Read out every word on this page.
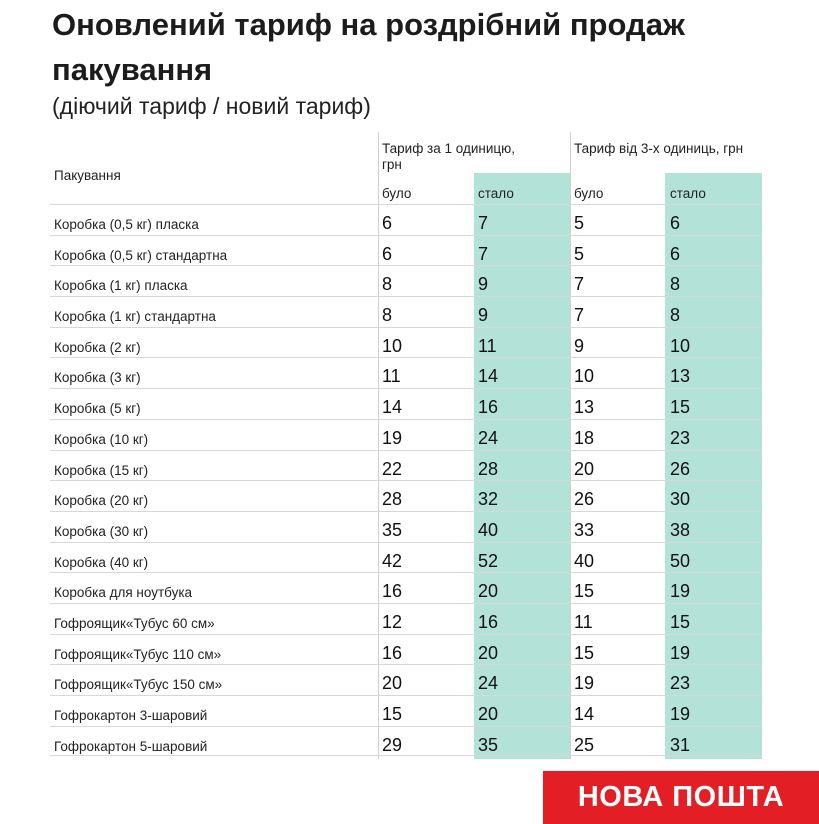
Оновлений тариф на роздрібний продаж пакування
(діючий тариф / новий тариф)
Пакування
Тариф за 1 одиницю, грн
Тариф від 3-х одиниць, грн
було	стало	було	стало
Коробка (0,5 кг) пласка	6	7	5	6
Коробка (0,5 кг) стандартна	6	7	5	6
Коробка (1 кг) пласка	8	9	7	8
Коробка (1 кг) стандартна	8	9	7	8
Коробка (2 кг)	10	11	9	10
Коробка (3 кг)	11	14	10	13
Коробка (5 кг)	14	16	13	15
Коробка (10 кг)	19	24	18	23
Коробка (15 кг)	22	28	20	26
Коробка (20 кг)	28	32	26	30
Коробка (30 кг)	35	40	33	38
Коробка (40 кг)	42	52	40	50
Коробка для ноутбука	16	20	15	19
Гофроящик«Тубус 60 см»	12	16	11	15
Гофроящик«Тубус 110 см»	16	20	15	19
Гофроящик«Тубус 150 см»	20	24	19	23
Гофрокартон 3-шаровий	15	20	14	19
Гофрокартон 5-шаровий	29	35	25	31
НОВА ПОШТА
